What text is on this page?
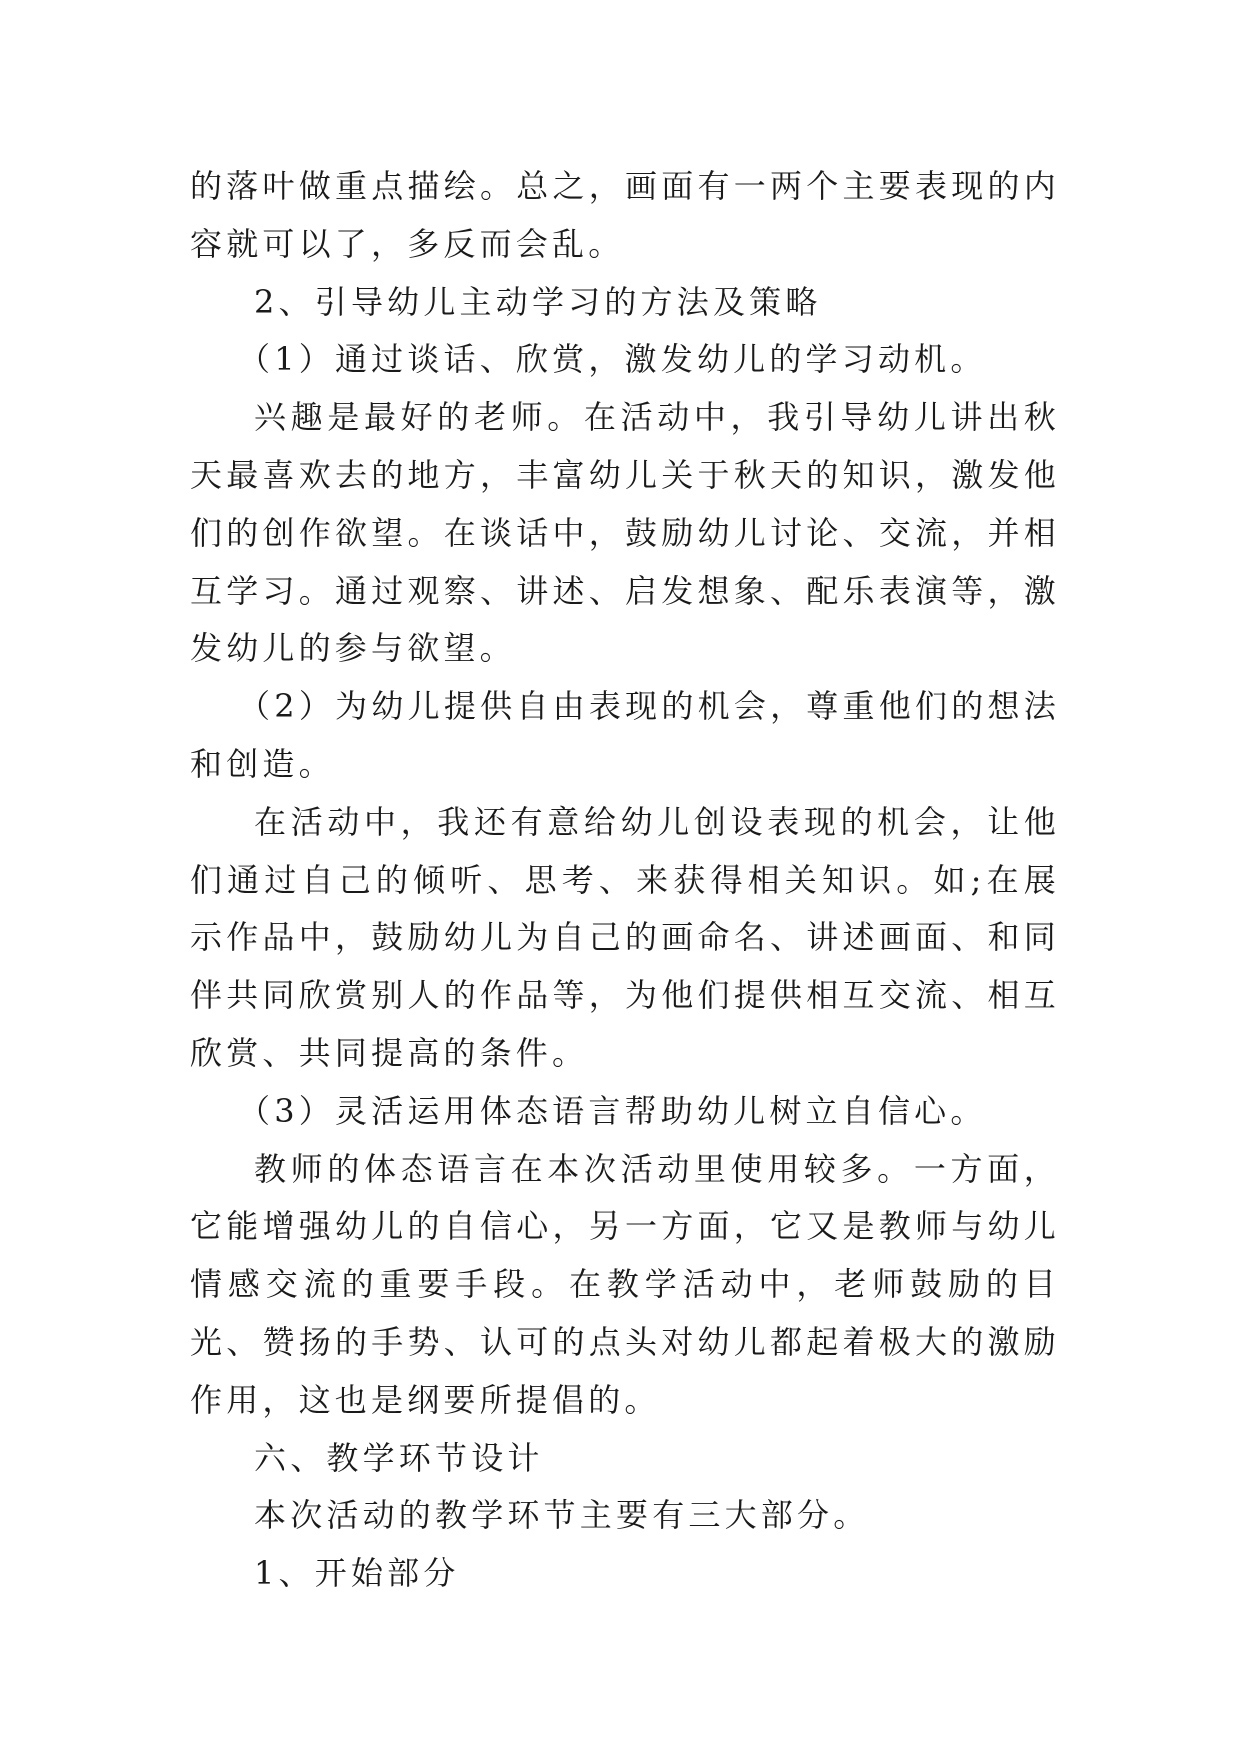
的落叶做重点描绘。总之，画面有一两个主要表现的内容就可以了，多反而会乱。

2、引导幼儿主动学习的方法及策略

（1）通过谈话、欣赏，激发幼儿的学习动机。

兴趣是最好的老师。在活动中，我引导幼儿讲出秋天最喜欢去的地方，丰富幼儿关于秋天的知识，激发他们的创作欲望。在谈话中，鼓励幼儿讨论、交流，并相互学习。通过观察、讲述、启发想象、配乐表演等，激发幼儿的参与欲望。

（2）为幼儿提供自由表现的机会，尊重他们的想法和创造。

在活动中，我还有意给幼儿创设表现的机会，让他们通过自己的倾听、思考、来获得相关知识。如;在展示作品中，鼓励幼儿为自己的画命名、讲述画面、和同伴共同欣赏别人的作品等，为他们提供相互交流、相互欣赏、共同提高的条件。

（3）灵活运用体态语言帮助幼儿树立自信心。

教师的体态语言在本次活动里使用较多。一方面，它能增强幼儿的自信心，另一方面，它又是教师与幼儿情感交流的重要手段。在教学活动中，老师鼓励的目光、赞扬的手势、认可的点头对幼儿都起着极大的激励作用，这也是纲要所提倡的。

六、教学环节设计

本次活动的教学环节主要有三大部分。

1、开始部分
